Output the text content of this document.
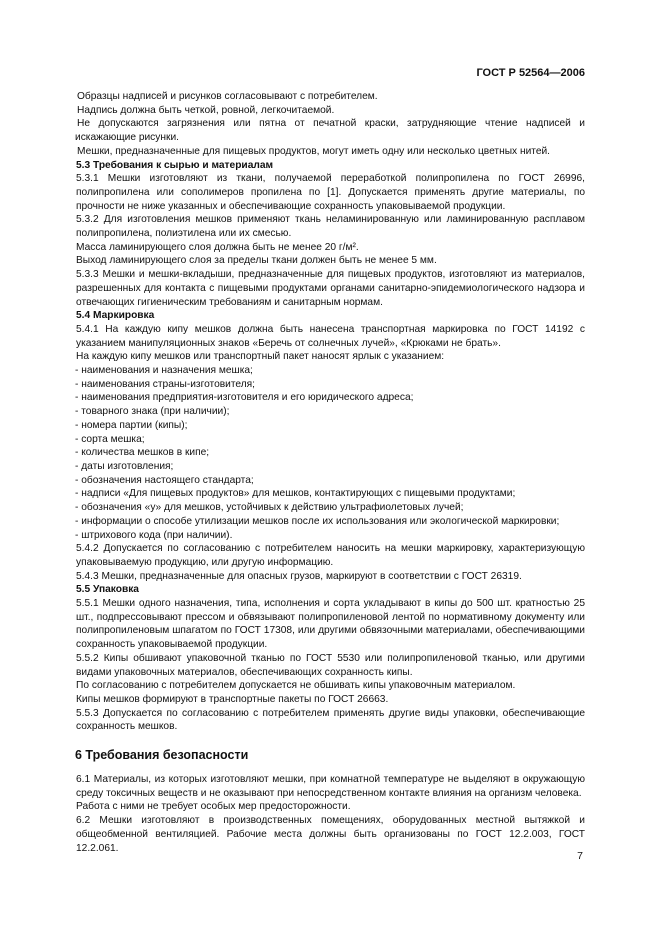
ГОСТ Р 52564—2006

Образцы надписей и рисунков согласовывают с потребителем.

Надпись должна быть четкой, ровной, легкочитаемой.

Не допускаются загрязнения или пятна от печатной краски, затрудняющие чтение надписей и искажающие рисунки.

Мешки, предназначенные для пищевых продуктов, могут иметь одну или несколько цветных нитей.

5.3 Требования к сырью и материалам

5.3.1 Мешки изготовляют из ткани, получаемой переработкой полипропилена по ГОСТ 26996, полипропилена или сополимеров пропилена по [1]. Допускается применять другие материалы, по прочности не ниже указанных и обеспечивающие сохранность упаковываемой продукции.

5.3.2 Для изготовления мешков применяют ткань неламинированную или ламинированную расплавом полипропилена, полиэтилена или их смесью.

Масса ламинирующего слоя должна быть не менее 20 г/м².

Выход ламинирующего слоя за пределы ткани должен быть не менее 5 мм.

5.3.3 Мешки и мешки-вкладыши, предназначенные для пищевых продуктов, изготовляют из материалов, разрешенных для контакта с пищевыми продуктами органами санитарно-эпидемиологического надзора и отвечающих гигиеническим требованиям и санитарным нормам.

5.4 Маркировка

5.4.1 На каждую кипу мешков должна быть нанесена транспортная маркировка по ГОСТ 14192 с указанием манипуляционных знаков «Беречь от солнечных лучей», «Крюками не брать».

На каждую кипу мешков или транспортный пакет наносят ярлык с указанием:

- наименования и назначения мешка;

- наименования страны-изготовителя;

- наименования предприятия-изготовителя и его юридического адреса;

- товарного знака (при наличии);

- номера партии (кипы);

- сорта мешка;

- количества мешков в кипе;

- даты изготовления;

- обозначения настоящего стандарта;

- надписи «Для пищевых продуктов» для мешков, контактирующих с пищевыми продуктами;

- обозначения «у» для мешков, устойчивых к действию ультрафиолетовых лучей;

- информации о способе утилизации мешков после их использования или экологической маркировки;

- штрихового кода (при наличии).

5.4.2 Допускается по согласованию с потребителем наносить на мешки маркировку, характеризующую упаковываемую продукцию, или другую информацию.

5.4.3 Мешки, предназначенные для опасных грузов, маркируют в соответствии с ГОСТ 26319.

5.5 Упаковка

5.5.1 Мешки одного назначения, типа, исполнения и сорта укладывают в кипы до 500 шт. кратностью 25 шт., подпрессовывают прессом и обвязывают полипропиленовой лентой по нормативному документу или полипропиленовым шпагатом по ГОСТ 17308, или другими обвязочными материалами, обеспечивающими сохранность упаковываемой продукции.

5.5.2 Кипы обшивают упаковочной тканью по ГОСТ 5530 или полипропиленовой тканью, или другими видами упаковочных материалов, обеспечивающих сохранность кипы.

По согласованию с потребителем допускается не обшивать кипы упаковочным материалом.

Кипы мешков формируют в транспортные пакеты по ГОСТ 26663.

5.5.3 Допускается по согласованию с потребителем применять другие виды упаковки, обеспечивающие сохранность мешков.

6 Требования безопасности

6.1 Материалы, из которых изготовляют мешки, при комнатной температуре не выделяют в окружающую среду токсичных веществ и не оказывают при непосредственном контакте влияния на организм человека.

Работа с ними не требует особых мер предосторожности.

6.2 Мешки изготовляют в производственных помещениях, оборудованных местной вытяжкой и общеобменной вентиляцией. Рабочие места должны быть организованы по ГОСТ 12.2.003, ГОСТ 12.2.061.

7
